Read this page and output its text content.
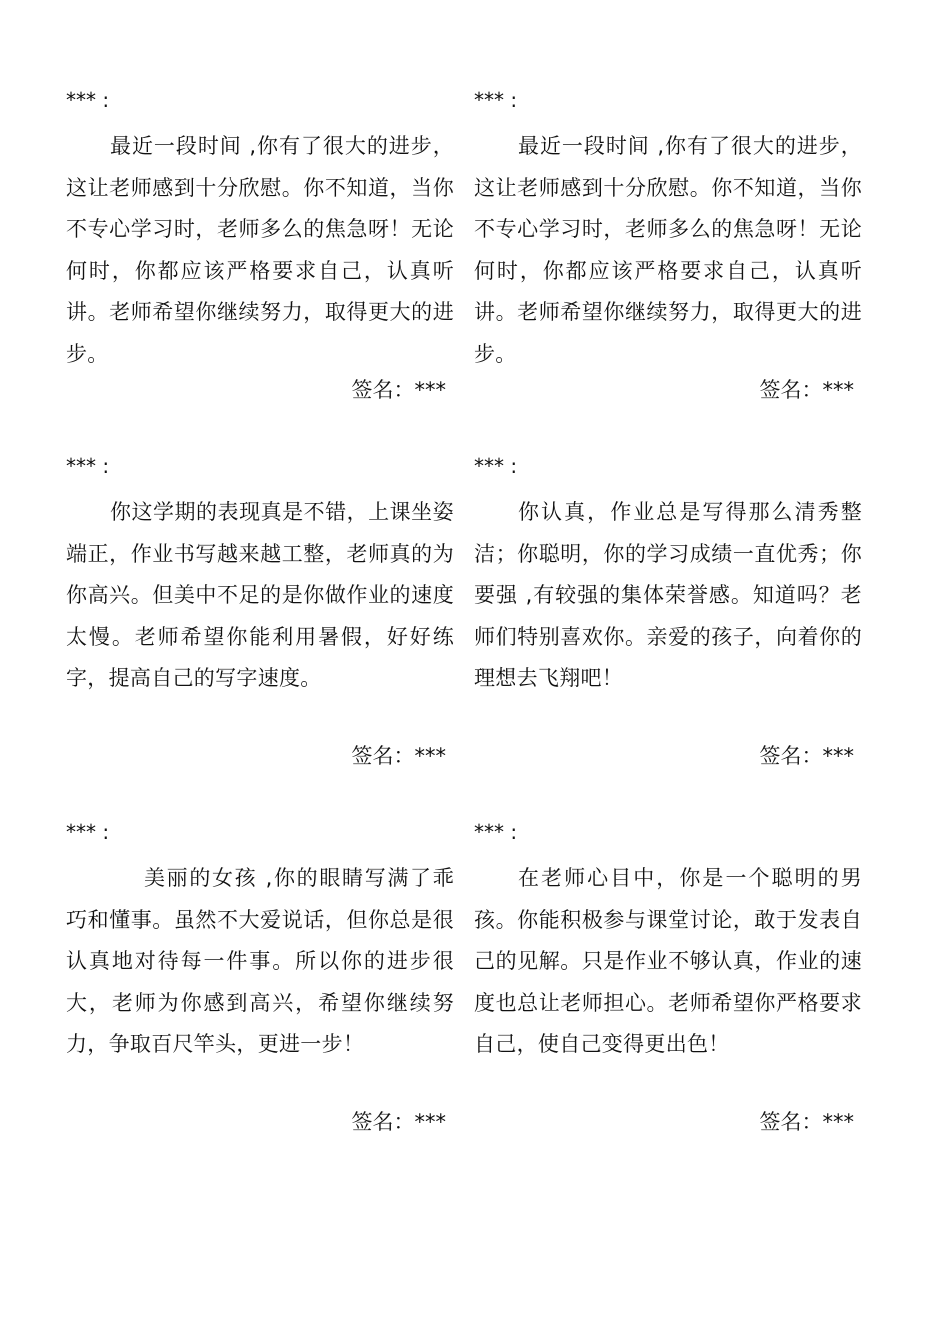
*** :
最近一段时间 ,你有了很大的进步，这让老师感到十分欣慰。你不知道，当你不专心学习时，老师多么的焦急呀！无论何时，你都应该严格要求自己，认真听讲。老师希望你继续努力，取得更大的进步。
签名：***
*** :
最近一段时间 ,你有了很大的进步，这让老师感到十分欣慰。你不知道，当你不专心学习时，老师多么的焦急呀！无论何时，你都应该严格要求自己，认真听讲。老师希望你继续努力，取得更大的进步。
签名：***
*** :
你这学期的表现真是不错，上课坐姿端正，作业书写越来越工整，老师真的为你高兴。但美中不足的是你做作业的速度太慢。老师希望你能利用暑假，好好练字，提高自己的写字速度。
签名：***
*** :
你认真，作业总是写得那么清秀整洁；你聪明，你的学习成绩一直优秀；你要强 ,有较强的集体荣誉感。知道吗？老师们特别喜欢你。亲爱的孩子，向着你的理想去飞翔吧！
签名：***
*** :
美丽的女孩 ,你的眼睛写满了乖巧和懂事。虽然不大爱说话，但你总是很认真地对待每一件事。所以你的进步很大，老师为你感到高兴，希望你继续努力，争取百尺竿头，更进一步！
签名：***
*** :
在老师心目中，你是一个聪明的男孩。你能积极参与课堂讨论，敢于发表自己的见解。只是作业不够认真，作业的速度也总让老师担心。老师希望你严格要求自己，使自己变得更出色！
签名：***
